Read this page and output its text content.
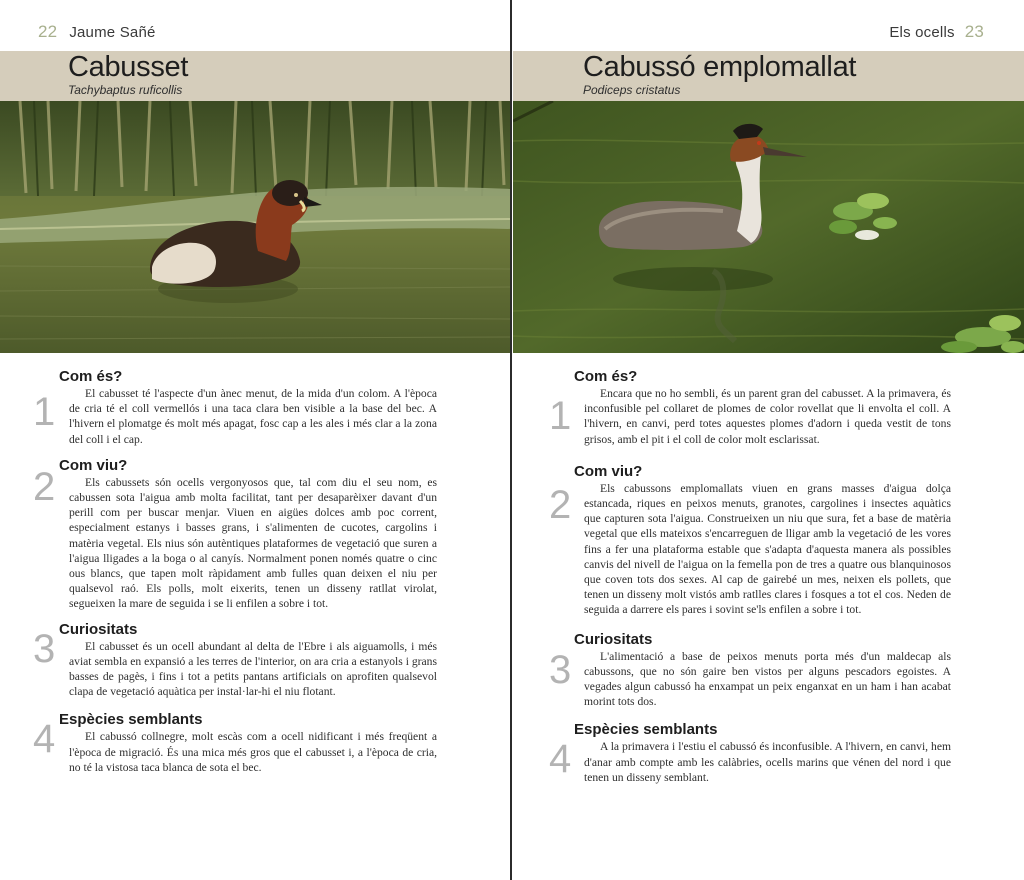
22 Jaume Sañé
Cabusset
Tachybaptus ruficollis
1
Com és?

El cabusset té l'aspecte d'un ànec menut, de la mida d'un colom. A l'època de cria té el coll vermellós i una taca clara ben visible a la base del bec. A l'hivern el plomatge és molt més apagat, fosc cap a les ales i més clar a la zona del coll i el cap.

2 Com viu?

Els cabussets són ocells vergonyosos que, tal com diu el seu nom, es cabussen sota l'aigua amb molta facilitat, tant per desaparèixer davant d'un perill com per buscar menjar. Viuen en aigües dolces amb poc corrent, especialment estanys i basses grans, i s'alimenten de cucotes, cargolins i matèria vegetal. Els nius són autèntiques plataformes de vegetació que suren a l'aigua lligades a la boga o al canyís. Normalment ponen només quatre o cinc ous blancs, que tapen molt ràpidament amb fulles quan deixen el niu per qualsevol raó. Els polls, molt eixerits, tenen un disseny ratllat virolat, segueixen la mare de seguida i se li enfilen a sobre i tot.

3 Curiositats

El cabusset és un ocell abundant al delta de l'Ebre i als aiguamolls, i més aviat sembla en expansió a les terres de l'interior, on ara cria a estanyols i grans basses de pagès, i fins i tot a petits pantans artificials on aprofiten qualsevol clapa de vegetació aquàtica per instal·lar-hi el niu flotant.

4 Espècies semblants

El cabussó collnegre, molt escàs com a ocell nidificant i més freqüent a l'època de migració. És una mica més gros que el cabusset i, a l'època de cria, no té la vistosa taca blanca de sota el bec.

Els ocells 23
Cabussó emplomallat
Podiceps cristatus
1
Com és?

Encara que no ho sembli, és un parent gran del cabusset. A la primavera, és inconfusible pel collaret de plomes de color rovellat que li envolta el coll. A l'hivern, en canvi, perd totes aquestes plomes d'adorn i queda vestit de tons grisos, amb el pit i el coll de color molt esclarissat.

2
Com viu?

Els cabussons emplomallats viuen en grans masses d'aigua dolça estancada, riques en peixos menuts, granotes, cargolines i insectes aquàtics que capturen sota l'aigua. Construeixen un niu que sura, fet a base de matèria vegetal que ells mateixos s'encarreguen de lligar amb la vegetació de les vores fins a fer una plataforma estable que s'adapta d'aquesta manera als possibles canvis del nivell de l'aigua on la femella pon de tres a quatre ous blanquinosos que coven tots dos sexes. Al cap de gairebé un mes, neixen els pollets, que tenen un disseny molt vistós amb ratlles clares i fosques a tot el cos. Neden de seguida a darrere els pares i sovint se'ls enfilen a sobre i tot.

3
Curiositats

L'alimentació a base de peixos menuts porta més d'un maldecap als cabussons, que no són gaire ben vistos per alguns pescadors egoistes. A vegades algun cabussó ha enxampat un peix enganxat en un ham i han acabat morint tots dos.

4
Espècies semblants

A la primavera i l'estiu el cabussó és inconfusible. A l'hivern, en canvi, hem d'anar amb compte amb les calàbries, ocells marins que vénen del nord i que tenen un disseny semblant.
